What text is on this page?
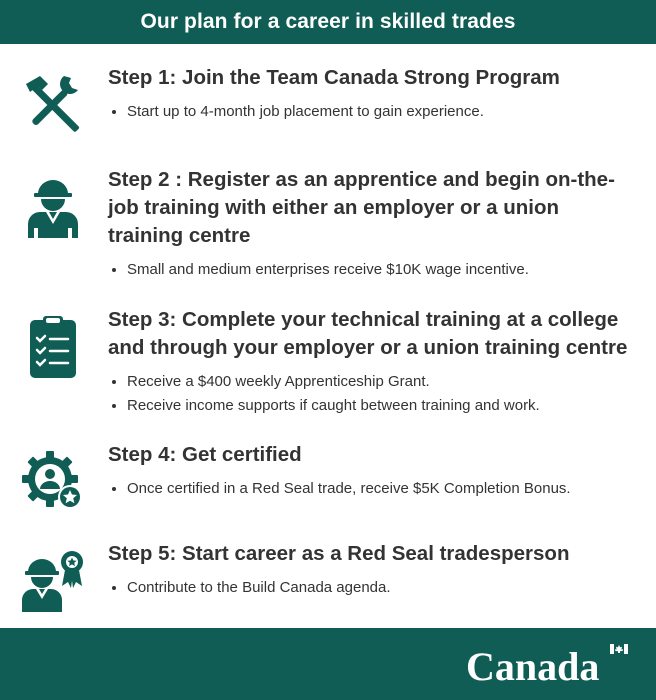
Our plan for a career in skilled trades
Step 1: Join the Team Canada Strong Program
• Start up to 4-month job placement to gain experience.
Step 2 : Register as an apprentice and begin on-the-job training with either an employer or a union training centre
• Small and medium enterprises receive $10K wage incentive.
Step 3: Complete your technical training at a college and through your employer or a union training centre
• Receive a $400 weekly Apprenticeship Grant.
• Receive income supports if caught between training and work.
Step 4: Get certified
• Once certified in a Red Seal trade, receive $5K Completion Bonus.
Step 5: Start career as a Red Seal tradesperson
• Contribute to the Build Canada agenda.
Canada
